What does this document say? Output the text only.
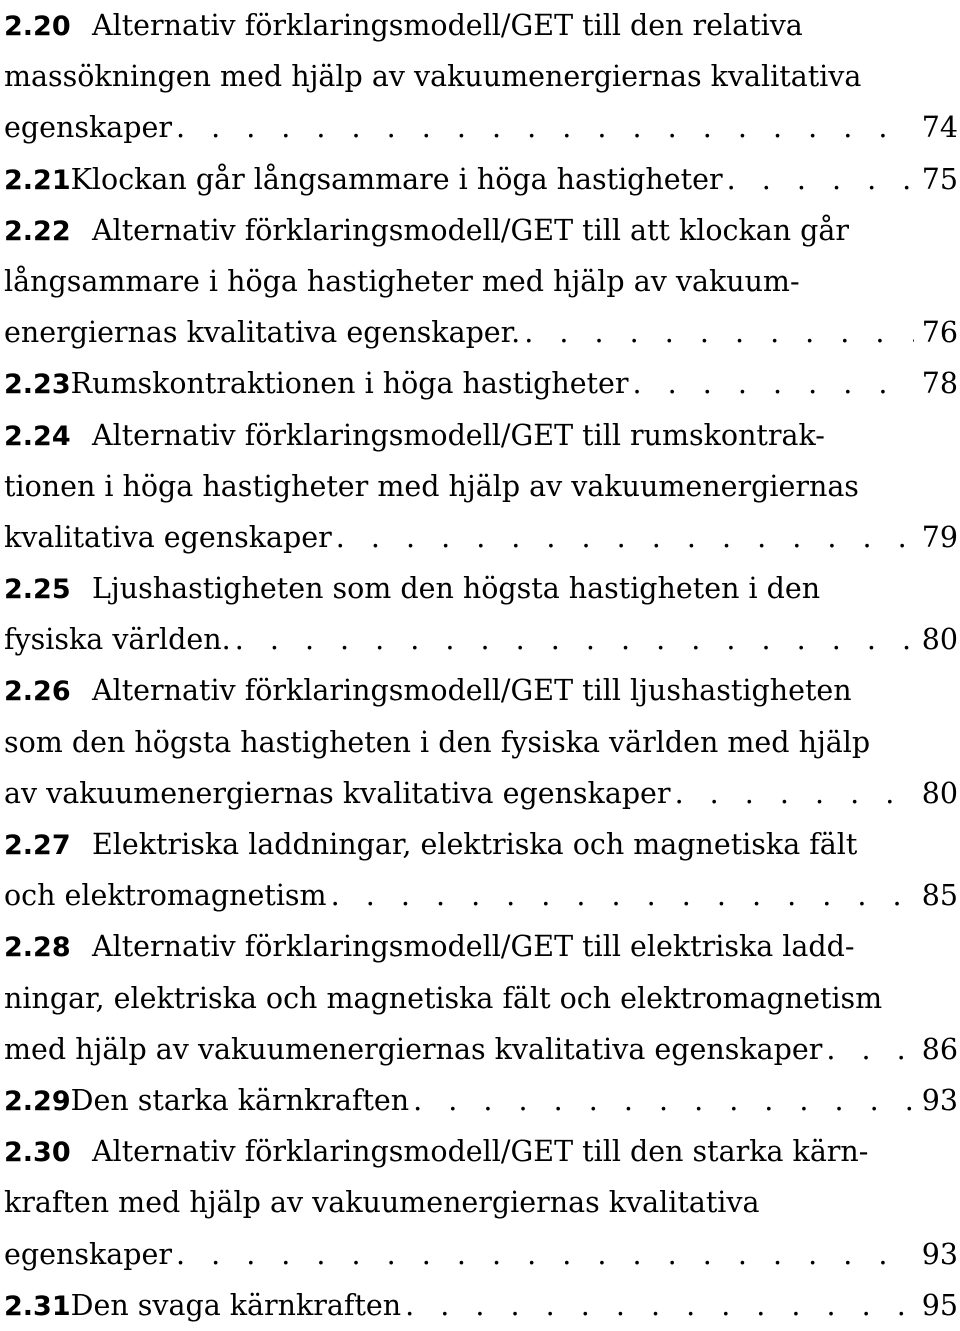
2.20 Alternativ förklaringsmodell/GET till den relativa
massökningen med hjälp av vakuumenergiernas kvalitativa
egenskaper . . .	74
2.21 Klockan går långsammare i höga hastigheter . . .	75
2.22 Alternativ förklaringsmodell/GET till att klockan går
långsammare i höga hastigheter med hjälp av vakuum-
energiernas kvalitativa egenskaper. . . .	76
2.23 Rumskontraktionen i höga hastigheter . . .	78
2.24 Alternativ förklaringsmodell/GET till rumskontrak-
tionen i höga hastigheter med hjälp av vakuumenergiernas
kvalitativa egenskaper . . .	79
2.25 Ljushastigheten som den högsta hastigheten i den
fysiska världen. . . .	80
2.26 Alternativ förklaringsmodell/GET till ljushastigheten
som den högsta hastigheten i den fysiska världen med hjälp
av vakuumenergiernas kvalitativa egenskaper . . .	80
2.27 Elektriska laddningar, elektriska och magnetiska fält
och elektromagnetism . . .	85
2.28 Alternativ förklaringsmodell/GET till elektriska ladd-
ningar, elektriska och magnetiska fält och elektromagnetism
med hjälp av vakuumenergiernas kvalitativa egenskaper . . .	86
2.29 Den starka kärnkraften . . .	93
2.30 Alternativ förklaringsmodell/GET till den starka kärn-
kraften med hjälp av vakuumenergiernas kvalitativa
egenskaper . . .	93
2.31 Den svaga kärnkraften . . .	95
